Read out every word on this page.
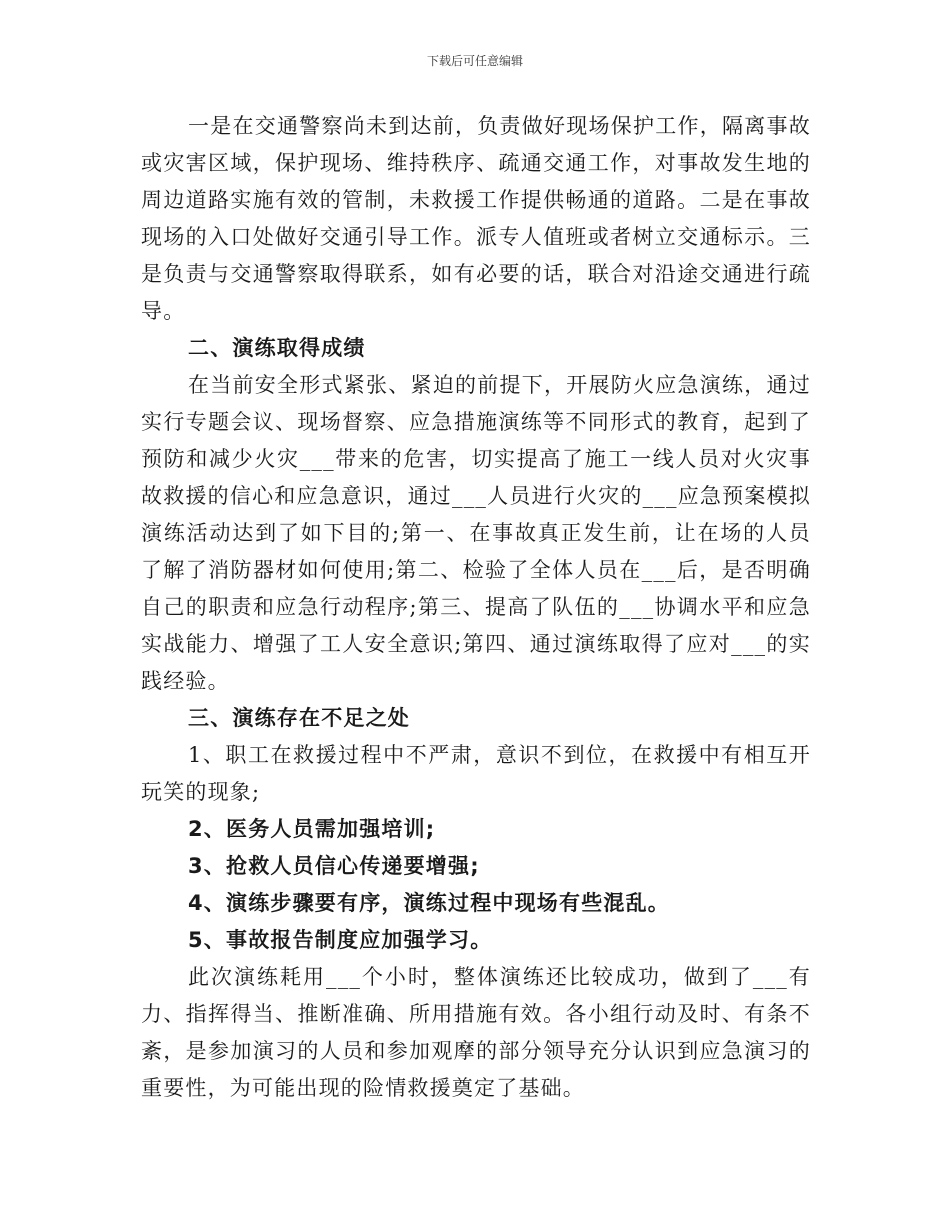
下载后可任意编辑

一是在交通警察尚未到达前，负责做好现场保护工作，隔离事故或灾害区域，保护现场、维持秩序、疏通交通工作，对事故发生地的周边道路实施有效的管制，未救援工作提供畅通的道路。二是在事故现场的入口处做好交通引导工作。派专人值班或者树立交通标示。三是负责与交通警察取得联系，如有必要的话，联合对沿途交通进行疏导。

二、演练取得成绩

在当前安全形式紧张、紧迫的前提下，开展防火应急演练，通过实行专题会议、现场督察、应急措施演练等不同形式的教育，起到了预防和减少火灾___带来的危害，切实提高了施工一线人员对火灾事故救援的信心和应急意识，通过___人员进行火灾的___应急预案模拟演练活动达到了如下目的;第一、在事故真正发生前，让在场的人员了解了消防器材如何使用;第二、检验了全体人员在___后，是否明确自己的职责和应急行动程序;第三、提高了队伍的___协调水平和应急实战能力、增强了工人安全意识;第四、通过演练取得了应对___的实践经验。

三、演练存在不足之处

1、职工在救援过程中不严肃，意识不到位，在救援中有相互开玩笑的现象;

2、医务人员需加强培训;

3、抢救人员信心传递要增强;

4、演练步骤要有序，演练过程中现场有些混乱。

5、事故报告制度应加强学习。

此次演练耗用___个小时，整体演练还比较成功，做到了___有力、指挥得当、推断准确、所用措施有效。各小组行动及时、有条不紊，是参加演习的人员和参加观摩的部分领导充分认识到应急演习的重要性，为可能出现的险情救援奠定了基础。
